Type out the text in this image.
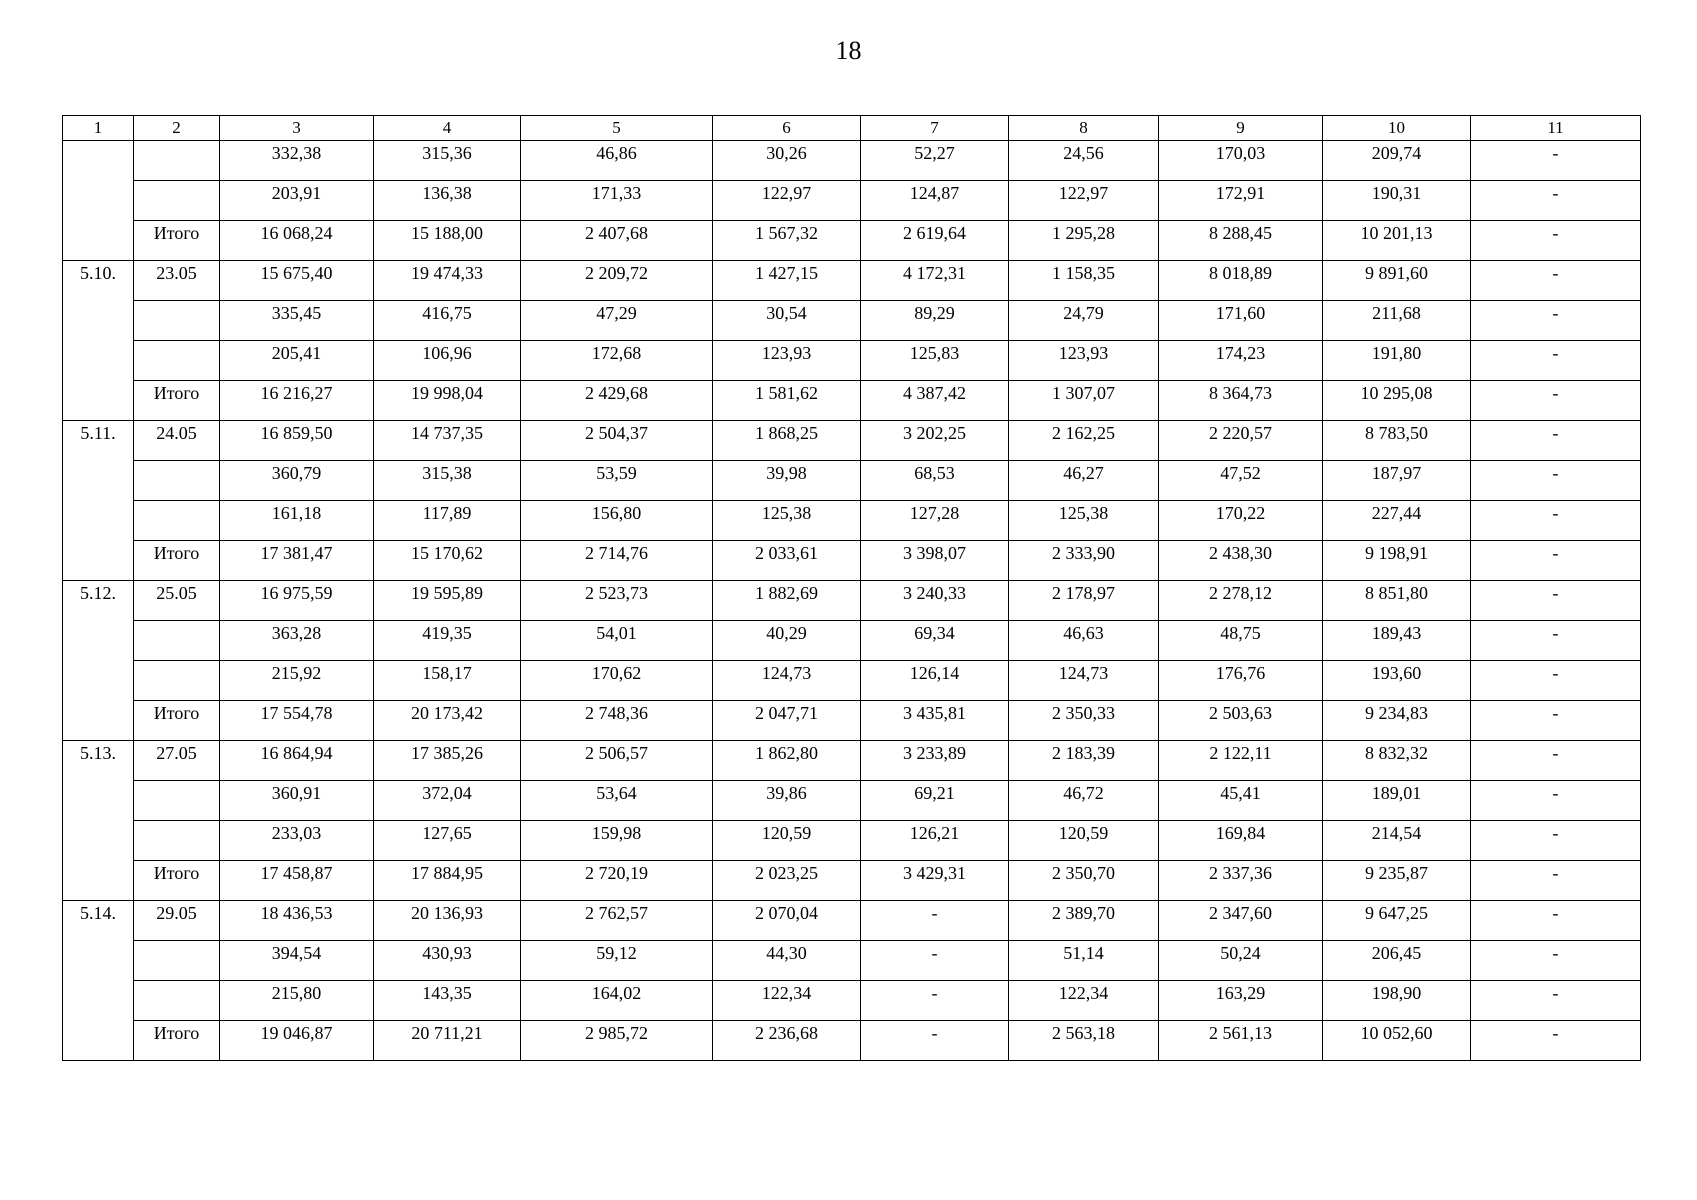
18
1	2	3	4	5	6	7	8	9	10	11
		332,38	315,36	46,86	30,26	52,27	24,56	170,03	209,74	-
		203,91	136,38	171,33	122,97	124,87	122,97	172,91	190,31	-
	Итого	16 068,24	15 188,00	2 407,68	1 567,32	2 619,64	1 295,28	8 288,45	10 201,13	-
5.10.	23.05	15 675,40	19 474,33	2 209,72	1 427,15	4 172,31	1 158,35	8 018,89	9 891,60	-
		335,45	416,75	47,29	30,54	89,29	24,79	171,60	211,68	-
		205,41	106,96	172,68	123,93	125,83	123,93	174,23	191,80	-
	Итого	16 216,27	19 998,04	2 429,68	1 581,62	4 387,42	1 307,07	8 364,73	10 295,08	-
5.11.	24.05	16 859,50	14 737,35	2 504,37	1 868,25	3 202,25	2 162,25	2 220,57	8 783,50	-
		360,79	315,38	53,59	39,98	68,53	46,27	47,52	187,97	-
		161,18	117,89	156,80	125,38	127,28	125,38	170,22	227,44	-
	Итого	17 381,47	15 170,62	2 714,76	2 033,61	3 398,07	2 333,90	2 438,30	9 198,91	-
5.12.	25.05	16 975,59	19 595,89	2 523,73	1 882,69	3 240,33	2 178,97	2 278,12	8 851,80	-
		363,28	419,35	54,01	40,29	69,34	46,63	48,75	189,43	-
		215,92	158,17	170,62	124,73	126,14	124,73	176,76	193,60	-
	Итого	17 554,78	20 173,42	2 748,36	2 047,71	3 435,81	2 350,33	2 503,63	9 234,83	-
5.13.	27.05	16 864,94	17 385,26	2 506,57	1 862,80	3 233,89	2 183,39	2 122,11	8 832,32	-
		360,91	372,04	53,64	39,86	69,21	46,72	45,41	189,01	-
		233,03	127,65	159,98	120,59	126,21	120,59	169,84	214,54	-
	Итого	17 458,87	17 884,95	2 720,19	2 023,25	3 429,31	2 350,70	2 337,36	9 235,87	-
5.14.	29.05	18 436,53	20 136,93	2 762,57	2 070,04	-	2 389,70	2 347,60	9 647,25	-
		394,54	430,93	59,12	44,30	-	51,14	50,24	206,45	-
		215,80	143,35	164,02	122,34	-	122,34	163,29	198,90	-
	Итого	19 046,87	20 711,21	2 985,72	2 236,68	-	2 563,18	2 561,13	10 052,60	-
